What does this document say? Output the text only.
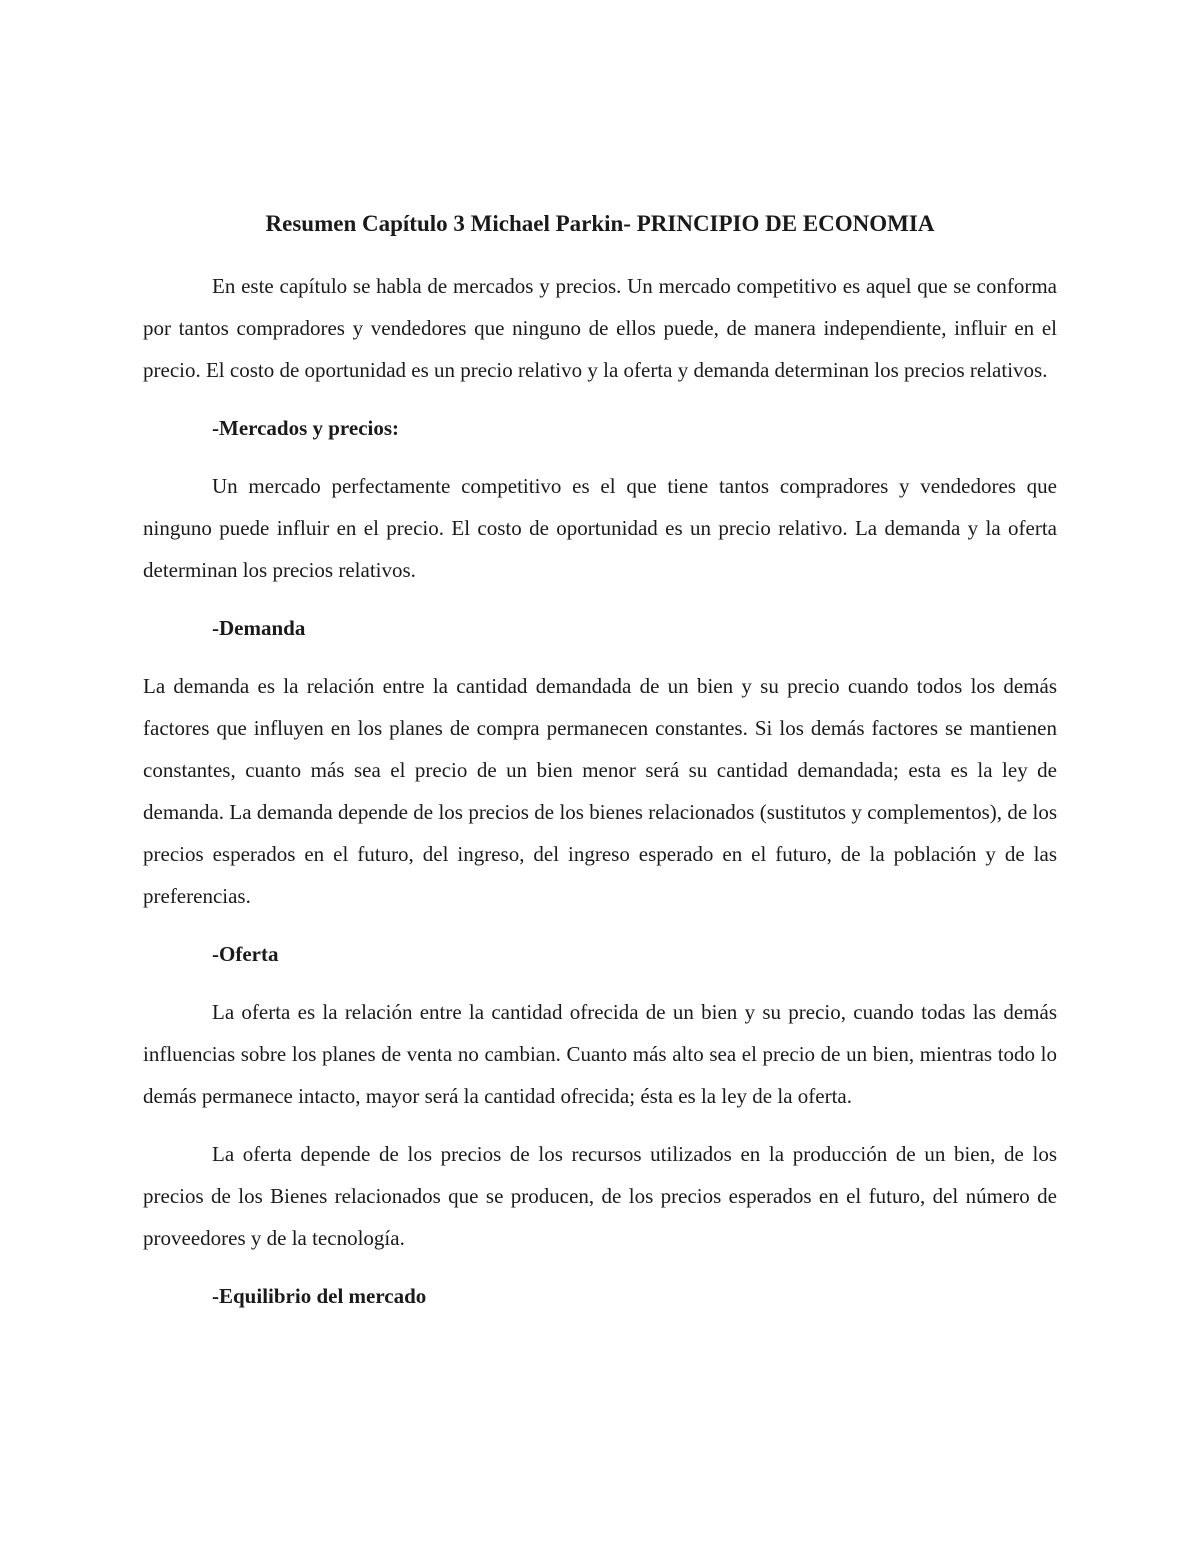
Resumen Capítulo 3 Michael Parkin- PRINCIPIO DE ECONOMIA

En este capítulo se habla de mercados y precios. Un mercado competitivo es aquel que se conforma por tantos compradores y vendedores que ninguno de ellos puede, de manera independiente, influir en el precio. El costo de oportunidad es un precio relativo y la oferta y demanda determinan los precios relativos.

-Mercados y precios:

Un mercado perfectamente competitivo es el que tiene tantos compradores y vendedores que ninguno puede influir en el precio. El costo de oportunidad es un precio relativo. La demanda y la oferta determinan los precios relativos.

-Demanda

La demanda es la relación entre la cantidad demandada de un bien y su precio cuando todos los demás factores que influyen en los planes de compra permanecen constantes. Si los demás factores se mantienen constantes, cuanto más sea el precio de un bien menor será su cantidad demandada; esta es la ley de demanda. La demanda depende de los precios de los bienes relacionados (sustitutos y complementos), de los precios esperados en el futuro, del ingreso, del ingreso esperado en el futuro, de la población y de las preferencias.

-Oferta

La oferta es la relación entre la cantidad ofrecida de un bien y su precio, cuando todas las demás influencias sobre los planes de venta no cambian. Cuanto más alto sea el precio de un bien, mientras todo lo demás permanece intacto, mayor será la cantidad ofrecida; ésta es la ley de la oferta.

La oferta depende de los precios de los recursos utilizados en la producción de un bien, de los precios de los Bienes relacionados que se producen, de los precios esperados en el futuro, del número de proveedores y de la tecnología.

-Equilibrio del mercado
